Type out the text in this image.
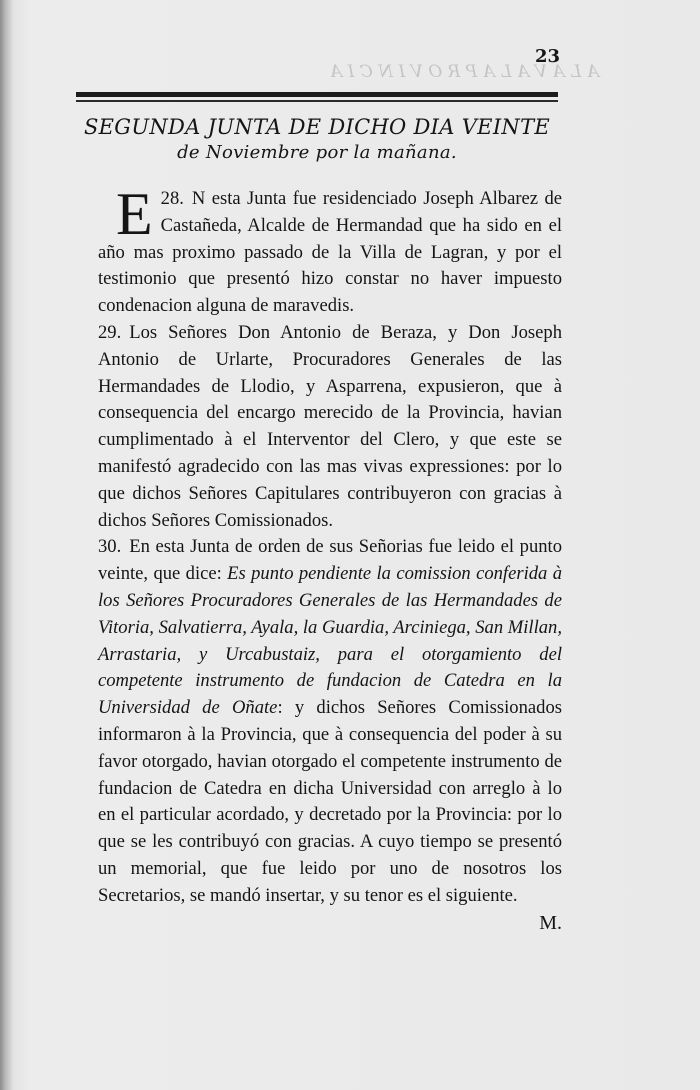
A L A V A L A P R O V I N C I A
23
SEGUNDA JUNTA DE DICHO DIA VEINTE
de Noviembre por la mañana.

28.
E N esta Junta fue residenciado Joseph Albarez de Castañeda, Alcalde de Hermandad que ha sido en el año mas proximo passado de la Villa de Lagran, y por el testimonio que presentó hizo constar no haver impuesto condenacion alguna de maravedis.

29. Los Señores Don Antonio de Beraza, y Don Joseph Antonio de Urlarte, Procuradores Generales de las Hermandades de Llodio, y Asparrena, expusieron, que à consequencia del encargo merecido de la Provincia, havian cumplimentado à el Interventor del Clero, y que este se manifestó agradecido con las mas vivas expressiones: por lo que dichos Señores Capitulares contribuyeron con gracias à dichos Señores Comissionados.

30. En esta Junta de orden de sus Señorias fue leido el punto veinte, que dice: Es punto pendiente la comission conferida à los Señores Procuradores Generales de las Hermandades de Vitoria, Salvatierra, Ayala, la Guardia, Arciniega, San Millan, Arrastaria, y Urcabustaiz, para el otorgamiento del competente instrumento de fundacion de Catedra en la Universidad de Oñate: y dichos Señores Comissionados informaron à la Provincia, que à consequencia del poder à su favor otorgado, havian otorgado el competente instrumento de fundacion de Catedra en dicha Universidad con arreglo à lo en el particular acordado, y decretado por la Provincia: por lo que se les contribuyó con gracias. A cuyo tiempo se presentó un memorial, que fue leido por uno de nosotros los Secretarios, se mandó insertar, y su tenor es el siguiente.

M.
